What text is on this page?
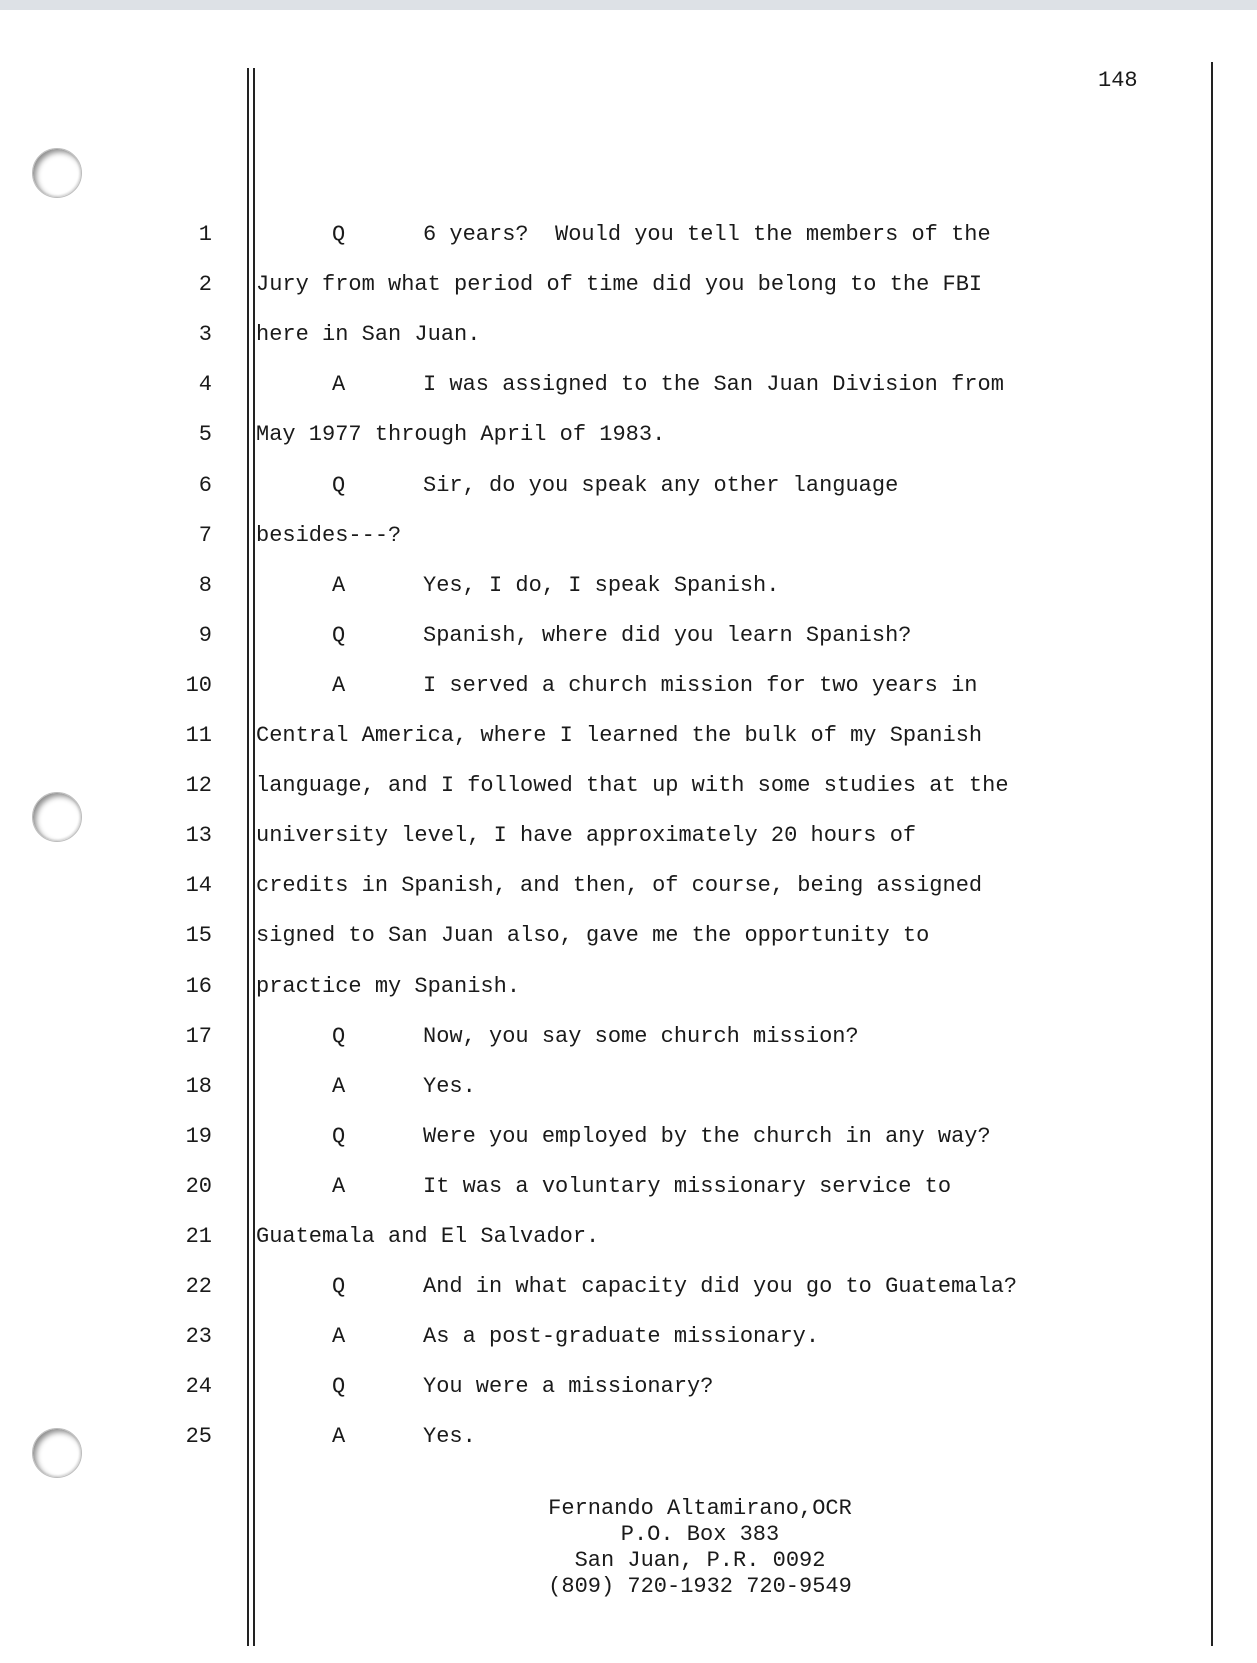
148
1	Q	6 years?  Would you tell the members of the
2 Jury from what period of time did you belong to the FBI
3 here in San Juan.
4	A	I was assigned to the San Juan Division from
5 May 1977 through April of 1983.
6	Q	Sir, do you speak any other language
7 besides---?
8	A	Yes, I do, I speak Spanish.
9	Q	Spanish, where did you learn Spanish?
10	A	I served a church mission for two years in
11 Central America, where I learned the bulk of my Spanish
12 language, and I followed that up with some studies at the
13 university level, I have approximately 20 hours of
14 credits in Spanish, and then, of course, being assigned
15 signed to San Juan also, gave me the opportunity to
16 practice my Spanish.
17	Q	Now, you say some church mission?
18	A	Yes.
19	Q	Were you employed by the church in any way?
20	A	It was a voluntary missionary service to
21 Guatemala and El Salvador.
22	Q	And in what capacity did you go to Guatemala?
23	A	As a post-graduate missionary.
24	Q	You were a missionary?
25	A	Yes.
Fernando Altamirano,OCR
P.O. Box 383
San Juan, P.R. 0092
(809) 720-1932 720-9549
